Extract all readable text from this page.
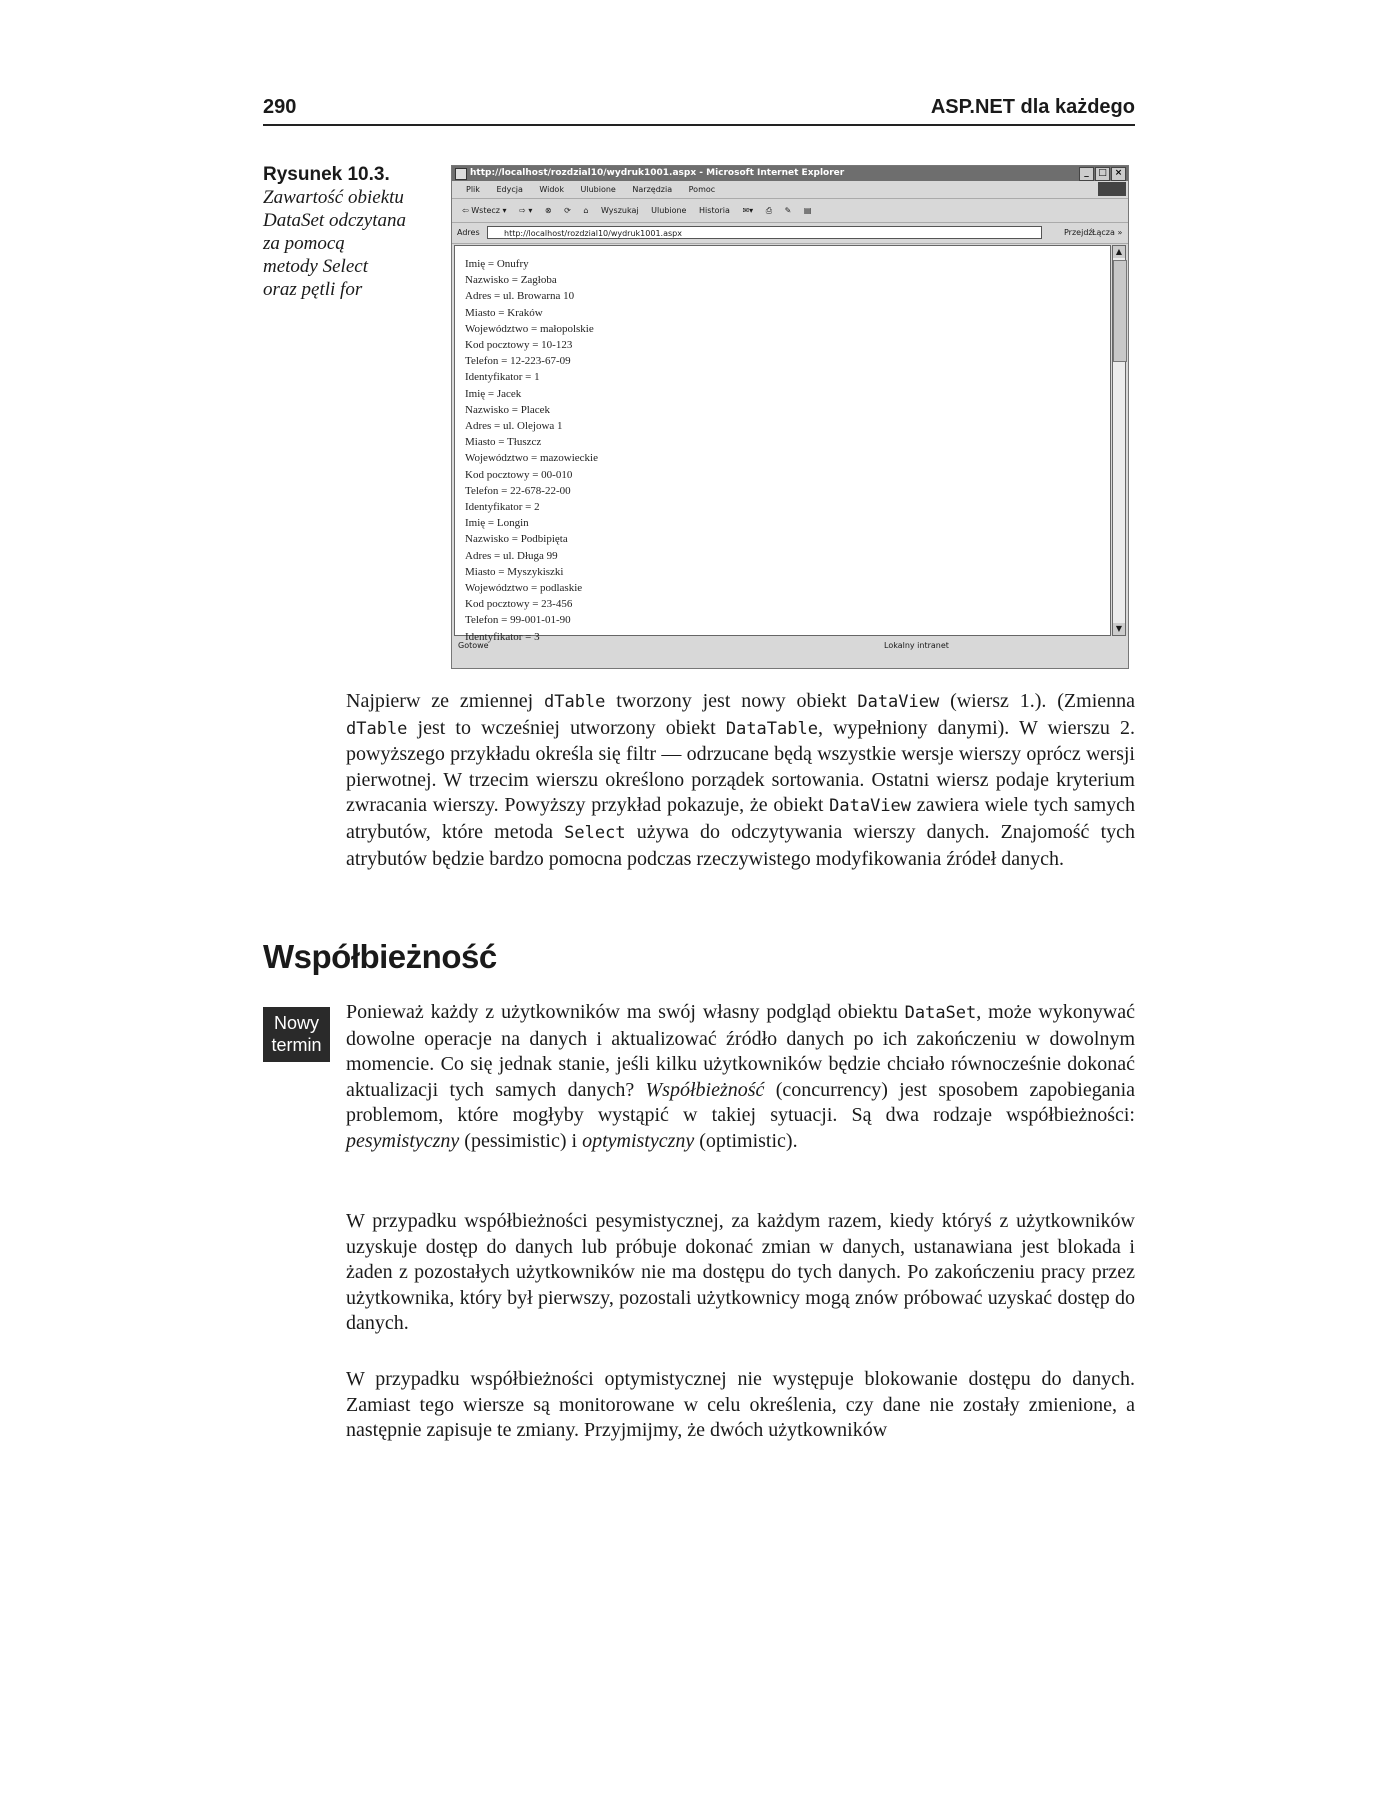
290	ASP.NET dla każdego
Rysunek 10.3.
Zawartość obiektu
DataSet odczytana
za pomocą
metody Select
oraz pętli for
http://localhost/rozdzial10/wydruk1001.aspx - Microsoft Internet Explorer	_	□ ×
Plik Edycja Widok Ulubione Narzędzia Pomoc
⇦ Wstecz ▾ ⇨ ▾ ⊗ ⟳ ⌂ Wyszukaj Ulubione Historia ✉▾ ⎙ ✎ ▤
Adres	http://localhost/rozdzial10/wydruk1001.aspx	Przejdź Łącza »
Imię = Onufry
Nazwisko = Zagłoba
Adres = ul. Browarna 10
Miasto = Kraków
Województwo = małopolskie
Kod pocztowy = 10-123
Telefon = 12-223-67-09
Identyfikator = 1
Imię = Jacek
Nazwisko = Placek
Adres = ul. Olejowa 1
Miasto = Tłuszcz
Województwo = mazowieckie
Kod pocztowy = 00-010
Telefon = 22-678-22-00
Identyfikator = 2
Imię = Longin
Nazwisko = Podbipięta
Adres = ul. Długa 99
Miasto = Myszykiszki
Województwo = podlaskie
Kod pocztowy = 23-456
Telefon = 99-001-01-90
Identyfikator = 3
▲
▼
Gotowe	Lokalny intranet

Najpierw ze zmiennej dTable tworzony jest nowy obiekt DataView (wiersz 1.). (Zmienna dTable jest to wcześniej utworzony obiekt DataTable, wypełniony danymi). W wierszu 2. powyższego przykładu określa się filtr — odrzucane będą wszystkie wersje wierszy oprócz wersji pierwotnej. W trzecim wierszu określono porządek sortowania. Ostatni wiersz podaje kryterium zwracania wierszy. Powyższy przykład pokazuje, że obiekt DataView zawiera wiele tych samych atrybutów, które metoda Select używa do odczytywania wierszy danych. Znajomość tych atrybutów będzie bardzo pomocna podczas rzeczywistego modyfikowania źródeł danych.

Współbieżność
Nowy
termin

Ponieważ każdy z użytkowników ma swój własny podgląd obiektu DataSet, może wykonywać dowolne operacje na danych i aktualizować źródło danych po ich zakończeniu w dowolnym momencie. Co się jednak stanie, jeśli kilku użytkowników będzie chciało równocześnie dokonać aktualizacji tych samych danych? Współbieżność (concurrency) jest sposobem zapobiegania problemom, które mogłyby wystąpić w takiej sytuacji. Są dwa rodzaje współbieżności: pesymistyczny (pessimistic) i optymistyczny (optimistic).

W przypadku współbieżności pesymistycznej, za każdym razem, kiedy któryś z użytkowników uzyskuje dostęp do danych lub próbuje dokonać zmian w danych, ustanawiana jest blokada i żaden z pozostałych użytkowników nie ma dostępu do tych danych. Po zakończeniu pracy przez użytkownika, który był pierwszy, pozostali użytkownicy mogą znów próbować uzyskać dostęp do danych.

W przypadku współbieżności optymistycznej nie występuje blokowanie dostępu do danych. Zamiast tego wiersze są monitorowane w celu określenia, czy dane nie zostały zmienione, a następnie zapisuje te zmiany. Przyjmijmy, że dwóch użytkowników
